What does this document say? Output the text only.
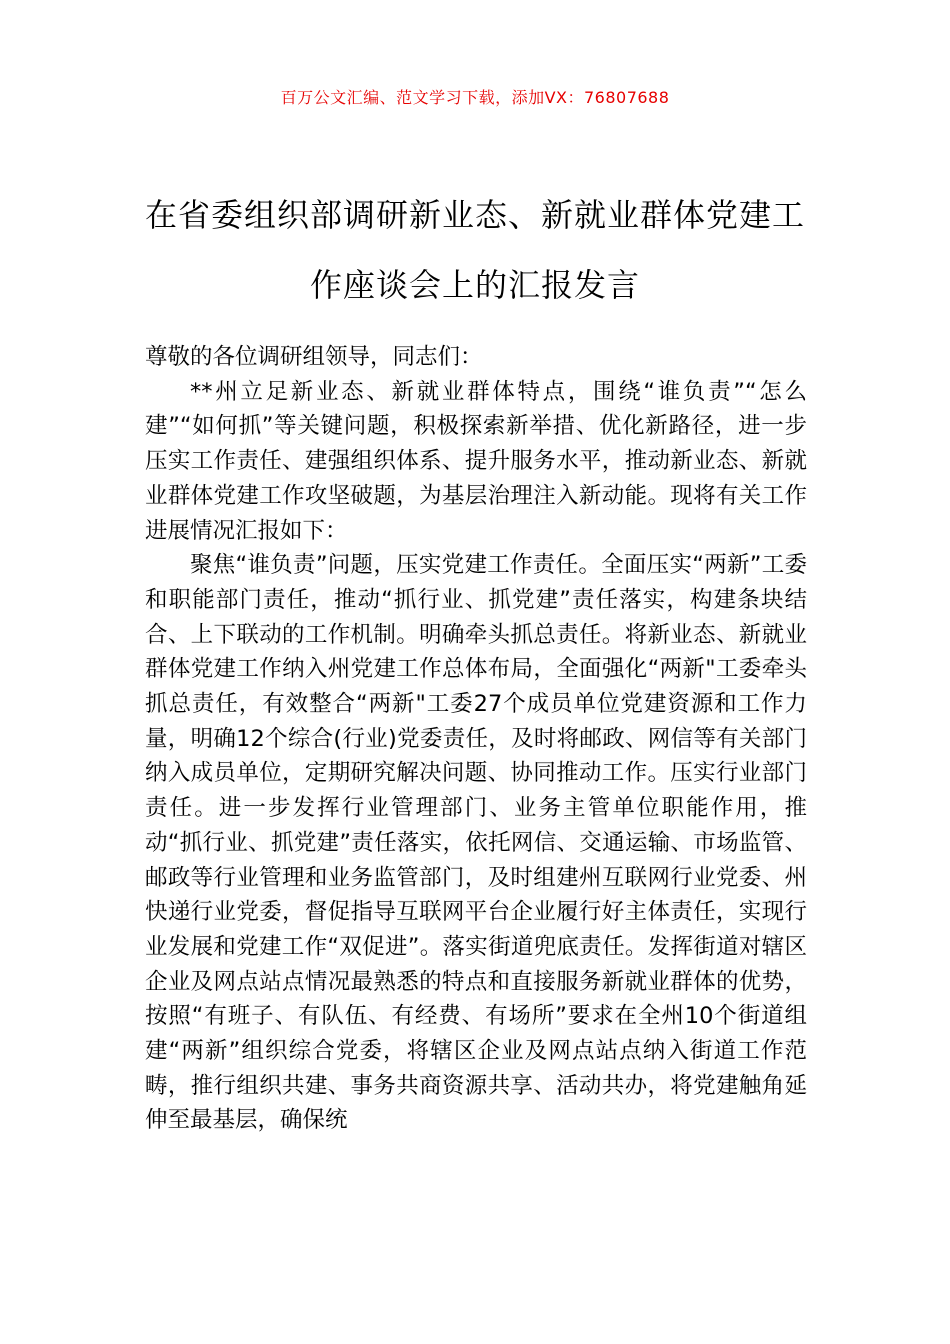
百万公文汇编、范文学习下载，添加VX：76807688
在省委组织部调研新业态、新就业群体党建工作座谈会上的汇报发言

尊敬的各位调研组领导，同志们：

**州立足新业态、新就业群体特点，围绕“谁负责”“怎么建”“如何抓”等关键问题，积极探索新举措、优化新路径，进一步压实工作责任、建强组织体系、提升服务水平，推动新业态、新就业群体党建工作攻坚破题，为基层治理注入新动能。现将有关工作进展情况汇报如下：

聚焦“谁负责”问题，压实党建工作责任。全面压实“两新”工委和职能部门责任，推动“抓行业、抓党建”责任落实，构建条块结合、上下联动的工作机制。明确牵头抓总责任。将新业态、新就业群体党建工作纳入州党建工作总体布局，全面强化“两新"工委牵头抓总责任，有效整合“两新"工委27个成员单位党建资源和工作力量，明确12个综合(行业)党委责任，及时将邮政、网信等有关部门纳入成员单位，定期研究解决问题、协同推动工作。压实行业部门责任。进一步发挥行业管理部门、业务主管单位职能作用，推动“抓行业、抓党建”责任落实，依托网信、交通运输、市场监管、邮政等行业管理和业务监管部门，及时组建州互联网行业党委、州快递行业党委，督促指导互联网平台企业履行好主体责任，实现行业发展和党建工作“双促进”。落实街道兜底责任。发挥街道对辖区企业及网点站点情况最熟悉的特点和直接服务新就业群体的优势，按照“有班子、有队伍、有经费、有场所”要求在全州10个街道组建“两新”组织综合党委，将辖区企业及网点站点纳入街道工作范畴，推行组织共建、事务共商资源共享、活动共办，将党建触角延伸至最基层，确保统
